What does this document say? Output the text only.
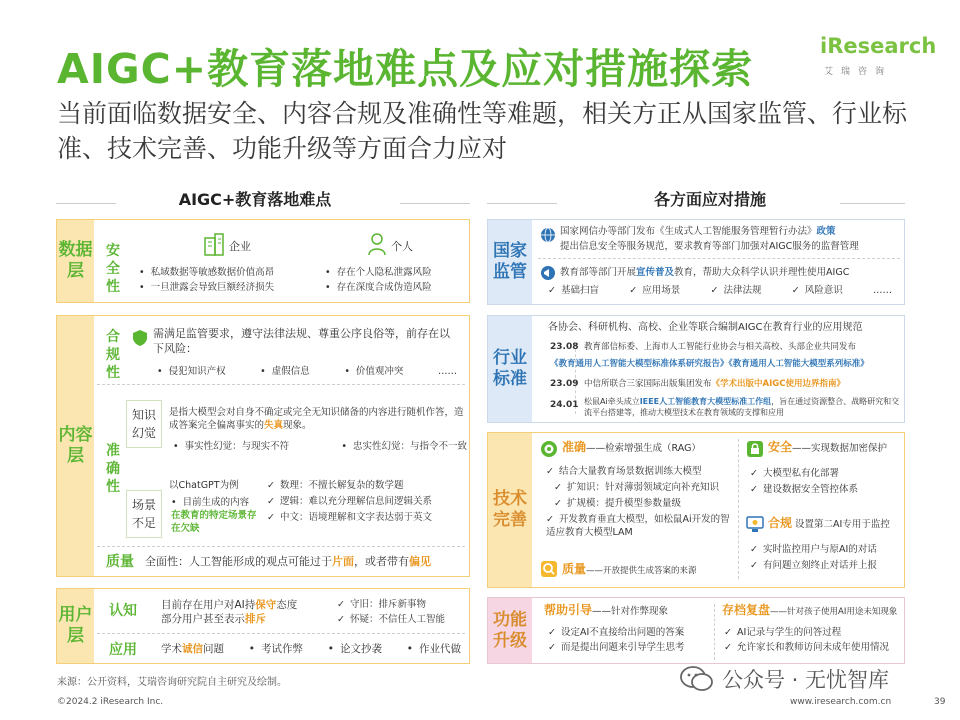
AIGC+教育落地难点及应对措施探索	iResearch
艾瑞咨询
当前面临数据安全、内容合规及准确性等难题，相关方正从国家监管、行业标准、技术完善、功能升级等方面合力应对
AIGC+教育落地难点	各方面应对措施
数据层
安全性
企业	个人
• 私域数据等敏感数据价值高昂
• 一旦泄露会导致巨额经济损失
• 存在个人隐私泄露风险
• 存在深度合成伪造风险
内容层
合规性
需满足监管要求，遵守法律法规、尊重公序良俗等，前存在以下风险：
• 侵犯知识产权	• 虚假信息	• 价值观冲突	……
准确性
知识幻觉
是指大模型会对自身不确定或完全无知识储备的内容进行随机作答，造成答案完全偏离事实的失真现象。
• 事实性幻觉：与现实不符	• 忠实性幻觉：与指令不一致
以ChatGPT为例
场景不足
• 目前生成的内容
在教育的特定场景存在欠缺
✓ 数理：不擅长解复杂的数学题
✓ 逻辑：难以充分理解信息间逻辑关系
✓ 中文：语境理解和文字表达弱于英文
质量 全面性：人工智能形成的观点可能过于片面，或者带有偏见
用户层
认知	目前存在用户对AI持保守态度
部分用户甚至表示排斥
✓ 守旧：排斥新事物
✓ 怀疑：不信任人工智能
应用	学术诚信问题	• 考试作弊	• 论文抄袭	• 作业代做
国家监管
国家网信办等部门发布《生成式人工智能服务管理暂行办法》政策
提出信息安全等服务规范，要求教育等部门加强对AIGC服务的监督管理
教育部等部门开展宣传普及教育，帮助大众科学认识并理性使用AIGC
✓ 基础扫盲	✓ 应用场景	✓ 法律法规	✓ 风险意识	……
行业标准
各协会、科研机构、高校、企业等联合编制AIGC在教育行业的应用规范
23.08 教育部信标委、上海市人工智能行业协会与相关高校、头部企业共同发布
《教育通用人工智能大模型标准体系研究报告》《教育通用人工智能大模型系列标准》
23.09 中信所联合三家国际出版集团发布《学术出版中AIGC使用边界指南》
24.01 松鼠Ai牵头成立IEEE人工智能教育大模型标准工作组，旨在通过资源整合、战略研究和交流平台搭建等，推动大模型技术在教育领域的支撑和应用
技术完善
准确——检索增强生成（RAG）
✓ 结合大量教育场景数据训练大模型
✓ 扩知识：针对薄弱领域定向补充知识
✓ 扩规模：提升模型参数量级
✓ 开发教育垂直大模型，如松鼠Ai开发的智适应教育大模型LAM
质量——开放提供生成答案的来源
安全——实现数据加密保护
✓ 大模型私有化部署
✓ 建设数据安全管控体系
合规 设置第二AI专用于监控
✓ 实时监控用户与原AI的对话
✓ 有问题立刻终止对话并上报
功能升级
帮助引导——针对作弊现象
✓ 设定AI不直接给出问题的答案
✓ 而是提出问题来引导学生思考
存档复盘——针对孩子使用AI用途未知现象
✓ AI记录与学生的问答过程
✓ 允许家长和教师访问未成年使用情况
来源：公开资料，艾瑞咨询研究院自主研究及绘制。	公众号 · 无忧智库
©2024.2 iResearch Inc.	www.iresearch.com.cn	39
